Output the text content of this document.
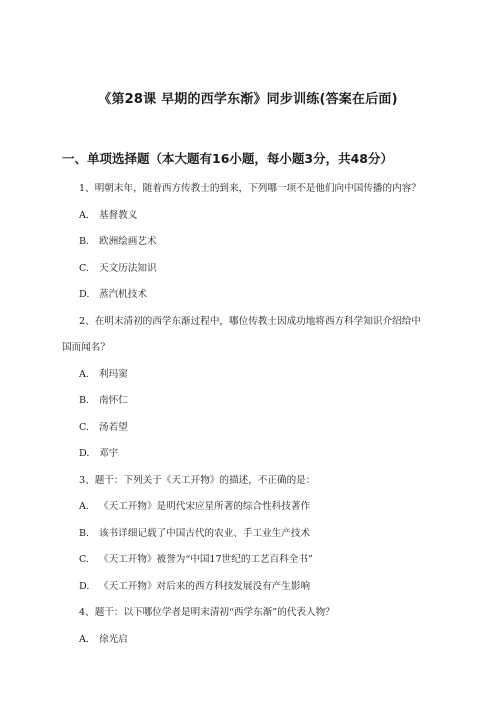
《第28课 早期的西学东渐》同步训练(答案在后面)
一、单项选择题（本大题有16小题，每小题3分，共48分）
1、明朝末年，随着西方传教士的到来，下列哪一项不是他们向中国传播的内容？
A. 基督教义
B. 欧洲绘画艺术
C. 天文历法知识
D. 蒸汽机技术
2、在明末清初的西学东渐过程中，哪位传教士因成功地将西方科学知识介绍给中
国而闻名？
A. 利玛窦
B. 南怀仁
C. 汤若望
D. 邓宇
3、题干：下列关于《天工开物》的描述，不正确的是：
A. 《天工开物》是明代宋应星所著的综合性科技著作
B. 该书详细记载了中国古代的农业、手工业生产技术
C. 《天工开物》被誉为“中国17世纪的工艺百科全书”
D. 《天工开物》对后来的西方科技发展没有产生影响
4、题干：以下哪位学者是明末清初“西学东渐”的代表人物？
A. 徐光启
